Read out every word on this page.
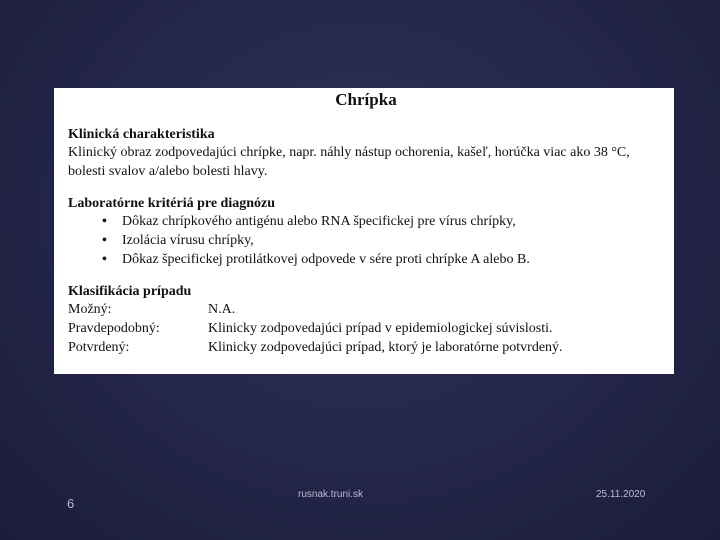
Chrípka
Klinická charakteristika
Klinický obraz zodpovedajúci chrípke, napr. náhly nástup ochorenia, kašeľ, horúčka viac ako 38 °C, bolesti svalov a/alebo bolesti hlavy.
Laboratórne kritériá pre diagnózu
• Dôkaz chrípkového antigénu alebo RNA špecifickej pre vírus chrípky,
• Izolácia vírusu chrípky,
• Dôkaz špecifickej protilátkovej odpovede v sére proti chrípke A alebo B.
Klasifikácia prípadu
Možný:	N.A.
Pravdepodobný:	Klinicky zodpovedajúci prípad v epidemiologickej súvislosti.
Potvrdený:	Klinicky zodpovedajúci prípad, ktorý je laboratórne potvrdený.
6
rusnak.truni.sk	25.11.2020
